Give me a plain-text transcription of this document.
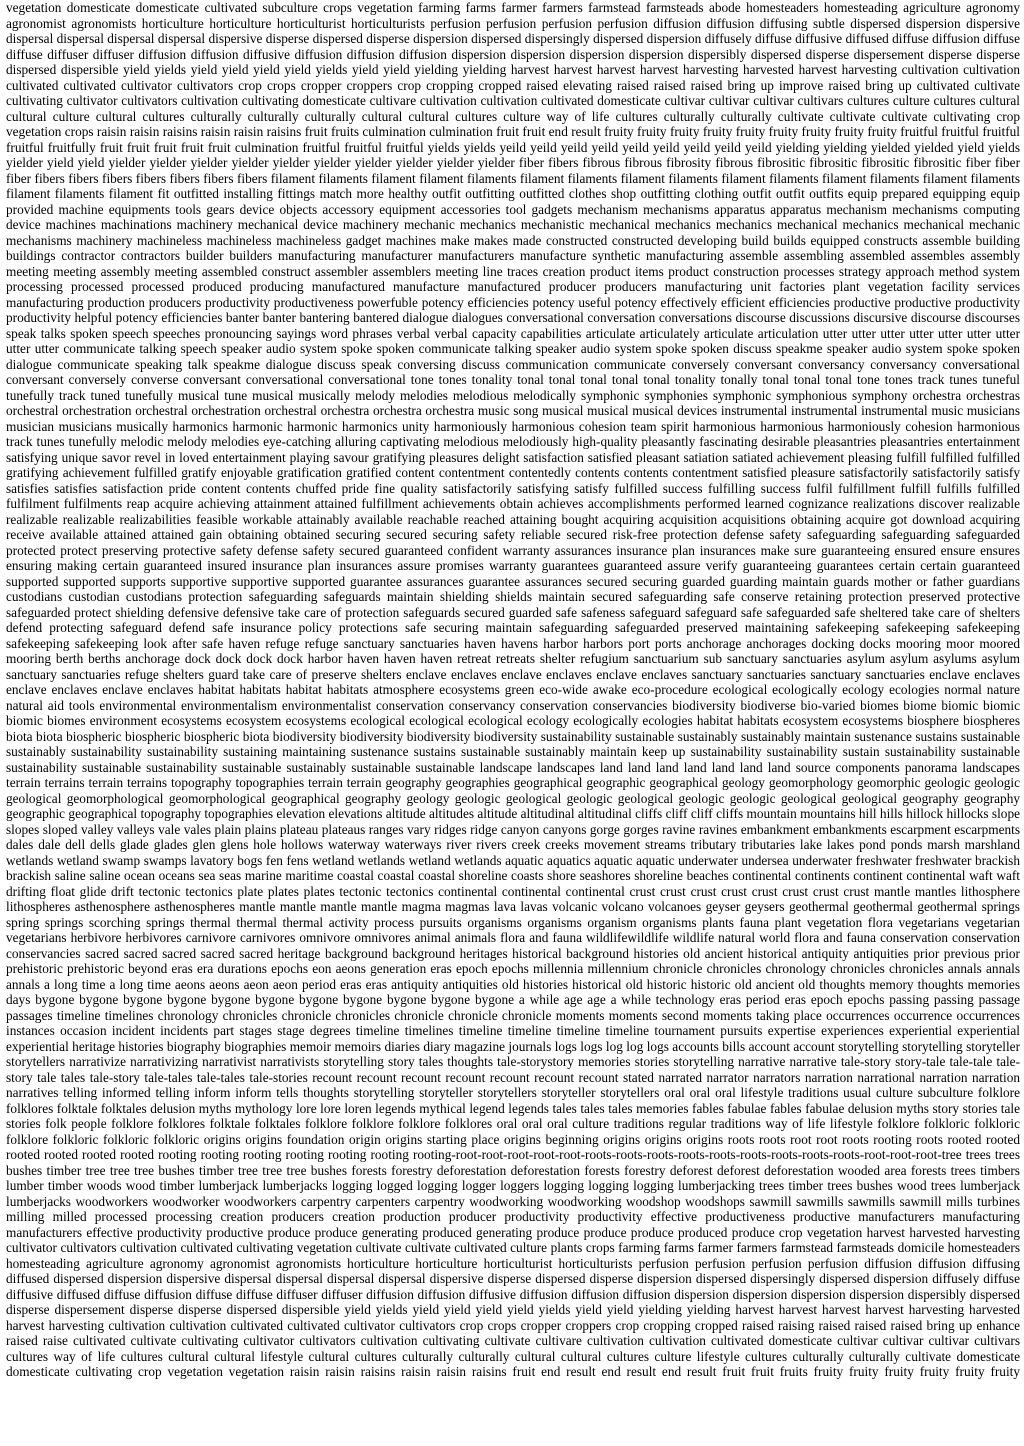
vegetation domesticate domesticate cultivated subculture crops vegetation farming farms farmer farmers farmstead farmsteads abode homesteaders homesteading agriculture agronomy agronomist agronomists horticulture horticulture horticulturist horticulturists perfusion perfusion perfusion perfusion diffusion diffusion diffusing subtle dispersed dispersion dispersive dispersal dispersal dispersal dispersal dispersive disperse dispersed disperse dispersion dispersed dispersingly dispersed dispersion diffusely diffuse diffusive diffused diffuse diffusion diffuse diffuse diffuser diffuser diffusion diffusion diffusive diffusion diffusion diffusion dispersion dispersion dispersion dispersion dispersibly dispersed disperse dispersement disperse disperse dispersed dispersible yield yields yield yield yield yield yields yield yield yielding yielding harvest harvest harvest harvest harvesting harvested harvest harvesting cultivation cultivation cultivated cultivated cultivator cultivators crop crops cropper croppers crop cropping cropped raised elevating raised raised raised bring up improve raised bring up cultivated cultivate cultivating cultivator cultivators cultivation cultivating domesticate cultivare cultivation cultivation cultivated domesticate cultivar cultivar cultivar cultivars cultures culture cultures cultural cultural culture cultural cultures culturally culturally culturally cultural cultural cultures culture way of life cultures culturally culturally cultivate cultivate cultivate cultivating crop vegetation crops raisin raisin raisins raisin raisin raisins fruit fruits culmination culmination fruit fruit end result fruity fruity fruity fruity fruity fruity fruity fruity fruity fruitful fruitful fruitful fruitful fruitfully fruit fruit fruit fruit fruit culmination fruitful fruitful fruitful yields yields yeild yeild yeild yeild yeild yeild yeild yeild yeild yielding yielding yielded yielded yield yields yielder yield yield yielder yielder yielder yielder yielder yielder yielder yielder yielder yielder fiber fibers fibrous fibrous fibrosity fibrous fibrositic fibrositic fibrositic fibrositic fiber fiber fiber fibers fibers fibers fibers fibers fibers fibers filament filaments filament filament filaments filament filaments filament filaments filament filaments filament filaments filament filaments filament filaments filament fit outfitted installing fittings match more healthy outfit outfitting outfitted clothes shop outfitting clothing outfit outfit outfits equip prepared equipping equip provided machine equipments tools gears device objects accessory equipment accessories tool gadgets mechanism mechanisms apparatus apparatus mechanism mechanisms computing device machines machinations machinery mechanical device machinery mechanic mechanics mechanistic mechanical mechanics mechanics mechanical mechanics mechanical mechanic mechanisms machinery machineless machineless machineless gadget machines make makes made constructed constructed developing build builds equipped constructs assemble building buildings contractor contractors builder builders manufacturing manufacturer manufacturers manufacture synthetic manufacturing assemble assembling assembled assembles assembly meeting meeting assembly meeting assembled construct assembler assemblers meeting line traces creation product items product construction processes strategy approach method system processing processed processed produced producing manufactured manufacture manufactured producer producers manufacturing unit factories plant vegetation facility services manufacturing production producers productivity productiveness powerfuble potency efficiencies potency useful potency effectively efficient efficiencies productive productive productivity productivity helpful potency efficiencies banter banter bantering bantered dialogue dialogues conversational conversation conversations discourse discussions discursive discourse discourses speak talks spoken speech speeches pronouncing sayings word phrases verbal verbal capacity capabilities articulate articulately articulate articulation utter utter utter utter utter utter utter utter utter communicate talking speech speaker audio system spoke spoken communicate talking speaker audio system spoke spoken discuss speakme speaker audio system spoke spoken dialogue communicate speaking talk speakme dialogue discuss speak conversing discuss communication communicate conversely conversant conversancy conversancy conversational conversant conversely converse conversant conversational conversational tone tones tonality tonal tonal tonal tonal tonal tonality tonally tonal tonal tonal tone tones track tunes tuneful tunefully track tuned tunefully musical tune musical musically melody melodies melodious melodically symphonic symphonies symphonic symphonious symphony orchestra orchestras orchestral orchestration orchestral orchestration orchestral orchestra orchestra orchestra music song musical musical musical devices instrumental instrumental instrumental music musicians musician musicians musically harmonics harmonic harmonic harmonics unity harmoniously harmonious cohesion team spirit harmonious harmonious harmoniously cohesion harmonious track tunes tunefully melodic melody melodies eye-catching alluring captivating melodious melodiously high-quality pleasantly fascinating desirable pleasantries pleasantries entertainment satisfying unique savor revel in loved entertainment playing savour gratifying pleasures delight satisfaction satisfied pleasant satiation satiated achievement pleasing fulfill fulfilled fulfilled gratifying achievement fulfilled gratify enjoyable gratification gratified content contentment contentedly contents contents contentment satisfied pleasure satisfactorily satisfactorily satisfy satisfies satisfies satisfaction pride content contents chuffed pride fine quality satisfactorily satisfying satisfy fulfilled success fulfilling success fulfil fulfillment fulfill fulfills fulfilled fulfilment fulfilments reap acquire achieving attainment attained fulfillment achievements obtain achieves accomplishments performed learned cognizance realizations discover realizable realizable realizable realizabilities feasible workable attainably available reachable reached attaining bought acquiring acquisition acquisitions obtaining acquire got download acquiring receive available attained attained gain obtaining obtained securing secured securing safety reliable secured risk-free protection defense safety safeguarding safeguarding safeguarded protected protect preserving protective safety defense safety secured guaranteed confident warranty assurances insurance plan insurances make sure guaranteeing ensured ensure ensures ensuring making certain guaranteed insured insurance plan insurances assure promises warranty guarantees guaranteed assure verify guaranteeing guarantees certain certain guaranteed supported supported supports supportive supportive supported guarantee assurances guarantee assurances secured securing guarded guarding maintain guards mother or father guardians custodians custodian custodians protection safeguarding safeguards maintain shielding shields maintain secured safeguarding safe conserve retaining protection preserved protective safeguarded protect shielding defensive defensive take care of protection safeguards secured guarded safe safeness safeguard safeguard safe safeguarded safe sheltered take care of shelters defend protecting safeguard defend safe insurance policy protections safe securing maintain safeguarding safeguarded preserved maintaining safekeeping safekeeping safekeeping safekeeping safekeeping look after safe haven refuge refuge sanctuary sanctuaries haven havens harbor harbors port ports anchorage anchorages docking docks mooring moor moored mooring berth berths anchorage dock dock dock dock harbor haven haven haven retreat retreats shelter refugium sanctuarium sub sanctuary sanctuaries asylum asylum asylums asylum sanctuary sanctuaries refuge shelters guard take care of preserve shelters enclave enclaves enclave enclaves enclave enclaves sanctuary sanctuaries sanctuary sanctuaries enclave enclaves enclave enclaves enclave enclaves habitat habitats habitat habitats atmosphere ecosystems green eco-wide awake eco-procedure ecological ecologically ecology ecologies normal nature natural aid tools environmental environmentalism environmentalist conservation conservancy conservation conservancies biodiversity biodiverse bio-varied biomes biome biomic biomic biomic biomes environment ecosystems ecosystem ecosystems ecological ecological ecological ecology ecologically ecologies habitat habitats ecosystem ecosystems biosphere biospheres biota biota biospheric biospheric biospheric biota biodiversity biodiversity biodiversity biodiversity sustainability sustainable sustainably sustainably maintain sustenance sustains sustainable sustainably sustainability sustainability sustaining maintaining sustenance sustains sustainable sustainably maintain keep up sustainability sustainability sustain sustainability sustainable sustainability sustainable sustainability sustainable sustainably sustainable sustainable landscape landscapes land land land land land land land source components panorama landscapes terrain terrains terrain terrains topography topographies terrain terrain geography geographies geographical geographic geographical geology geomorphology geomorphic geologic geologic geological geomorphological geomorphological geographical geography geology geologic geological geologic geological geologic geologic geological geological geography geography geographic geographical topography topographies elevation elevations altitude altitudes altitude altitudinal altitudinal cliffs cliff cliff cliffs mountain mountains hill hills hillock hillocks slope slopes sloped valley valleys vale vales plain plains plateau plateaus ranges vary ridges ridge canyon canyons gorge gorges ravine ravines embankment embankments escarpment escarpments dales dale dell dells glade glades glen glens hole hollows waterway waterways river rivers creek creeks movement streams tributary tributaries lake lakes pond ponds marsh marshland wetlands wetland swamp swamps lavatory bogs fen fens wetland wetlands wetland wetlands aquatic aquatics aquatic aquatic underwater undersea underwater freshwater freshwater brackish brackish saline saline ocean oceans sea seas marine maritime coastal coastal coastal shoreline coasts shore seashores shoreline beaches continental continents continent continental waft waft drifting float glide drift tectonic tectonics plate plates plates tectonic tectonics continental continental continental crust crust crust crust crust crust crust crust mantle mantles lithosphere lithospheres asthenosphere asthenospheres mantle mantle mantle mantle magma magmas lava lavas volcanic volcano volcanoes geyser geysers geothermal geothermal geothermal springs spring springs scorching springs thermal thermal thermal activity process pursuits organisms organisms organism organisms plants fauna plant vegetation flora vegetarians vegetarian vegetarians herbivore herbivores carnivore carnivores omnivore omnivores animal animals flora and fauna wildlifewildlife wildlife natural world flora and fauna conservation conservation conservancies sacred sacred sacred sacred sacred heritage background background heritages historical background histories old ancient historical antiquity antiquities prior previous prior prehistoric prehistoric beyond eras era durations epochs eon aeons generation eras epoch epochs millennia millennium chronicle chronicles chronology chronicles chronicles annals annals annals a long time a long time aeons aeons aeon aeon period eras eras antiquity antiquities old histories historical old historic historic old ancient old thoughts memory thoughts memories days bygone bygone bygone bygone bygone bygone bygone bygone bygone bygone bygone a while age age a while technology eras period eras epoch epochs passing passing passage passages timeline timelines chronology chronicles chronicle chronicles chronicle chronicle chronicle moments moments second moments taking place occurrences occurrence occurrences instances occasion incident incidents part stages stage degrees timeline timelines timeline timeline timeline timeline tournament pursuits expertise experiences experiential experiential experiential heritage histories biography biographies memoir memoirs diaries diary magazine journals logs logs log log logs accounts bills account account storytelling storytelling storyteller storytellers narrativize narrativizing narrativist narrativists storytelling story tales thoughts tale-storystory memories stories storytelling narrative narrative tale-story story-tale tale-tale tale-story tale tales tale-story tale-tales tale-tales tale-stories recount recount recount recount recount recount recount stated narrated narrator narrators narration narrational narration narration narratives telling informed telling inform inform tells thoughts storytelling storyteller storytellers storyteller storytellers oral oral oral lifestyle traditions usual culture subculture folklore folklores folktale folktales delusion myths mythology lore lore loren legends mythical legend legends tales tales tales memories fables fabulae fables fabulae delusion myths story stories tale stories folk people folklore folklores folktale folktales folklore folklore folklore folklores oral oral oral culture traditions regular traditions way of life lifestyle folklore folkloric folkloric folklore folkloric folkloric folkloric origins origins foundation origin origins starting place origins beginning origins origins origins roots roots root root roots rooting roots rooted rooted rooted rooted rooted rooted rooting rooting rooting rooting rooting rooting rooting-root-root-root-root-root-roots-roots-roots-roots-roots-roots-roots-roots-roots-root-root-root-tree trees trees bushes timber tree tree tree bushes timber tree tree tree bushes forests forestry deforestation deforestation forests forestry deforest deforest deforestation wooded area forests trees timbers lumber timber woods wood timber lumberjack lumberjacks logging logged logging logger loggers logging logging logging lumberjacking trees timber trees bushes wood trees lumberjack lumberjacks woodworkers woodworker woodworkers carpentry carpenters carpentry woodworking woodworking woodshop woodshops sawmill sawmills sawmills sawmill mills turbines milling milled processed processing creation producers creation production producer productivity productivity effective productiveness productive manufacturers manufacturing manufacturers effective productivity productive produce produce generating produced generating produce produce produce produced produce crop vegetation harvest harvested harvesting cultivator cultivators cultivation cultivated cultivating vegetation cultivate cultivate cultivated culture plants crops farming farms farmer farmers farmstead farmsteads domicile homesteaders homesteading agriculture agronomy agronomist agronomists horticulture horticulture horticulturist horticulturists perfusion perfusion perfusion perfusion diffusion diffusion diffusing diffused dispersed dispersion dispersive dispersal dispersal dispersal dispersal dispersive disperse dispersed disperse dispersion dispersed dispersingly dispersed dispersion diffusely diffuse diffusive diffused diffuse diffusion diffuse diffuse diffuser diffuser diffusion diffusion diffusive diffusion diffusion diffusion dispersion dispersion dispersion dispersion dispersibly dispersed disperse dispersement disperse disperse dispersed dispersible yield yields yield yield yield yield yields yield yield yielding yielding harvest harvest harvest harvest harvesting harvested harvest harvesting cultivation cultivation cultivated cultivated cultivator cultivators crop crops cropper croppers crop cropping cropped raised raising raised raised raised bring up enhance raised raise cultivated cultivate cultivating cultivator cultivators cultivation cultivating cultivate cultivare cultivation cultivation cultivated domesticate cultivar cultivar cultivar cultivars cultures way of life cultures cultural cultural lifestyle cultural cultures culturally culturally cultural cultural cultures culture lifestyle cultures culturally culturally cultivate domesticate domesticate cultivating crop vegetation vegetation raisin raisin raisins raisin raisin raisins fruit end result end result end result fruit fruit fruits fruity fruity fruity fruity fruity fruity
